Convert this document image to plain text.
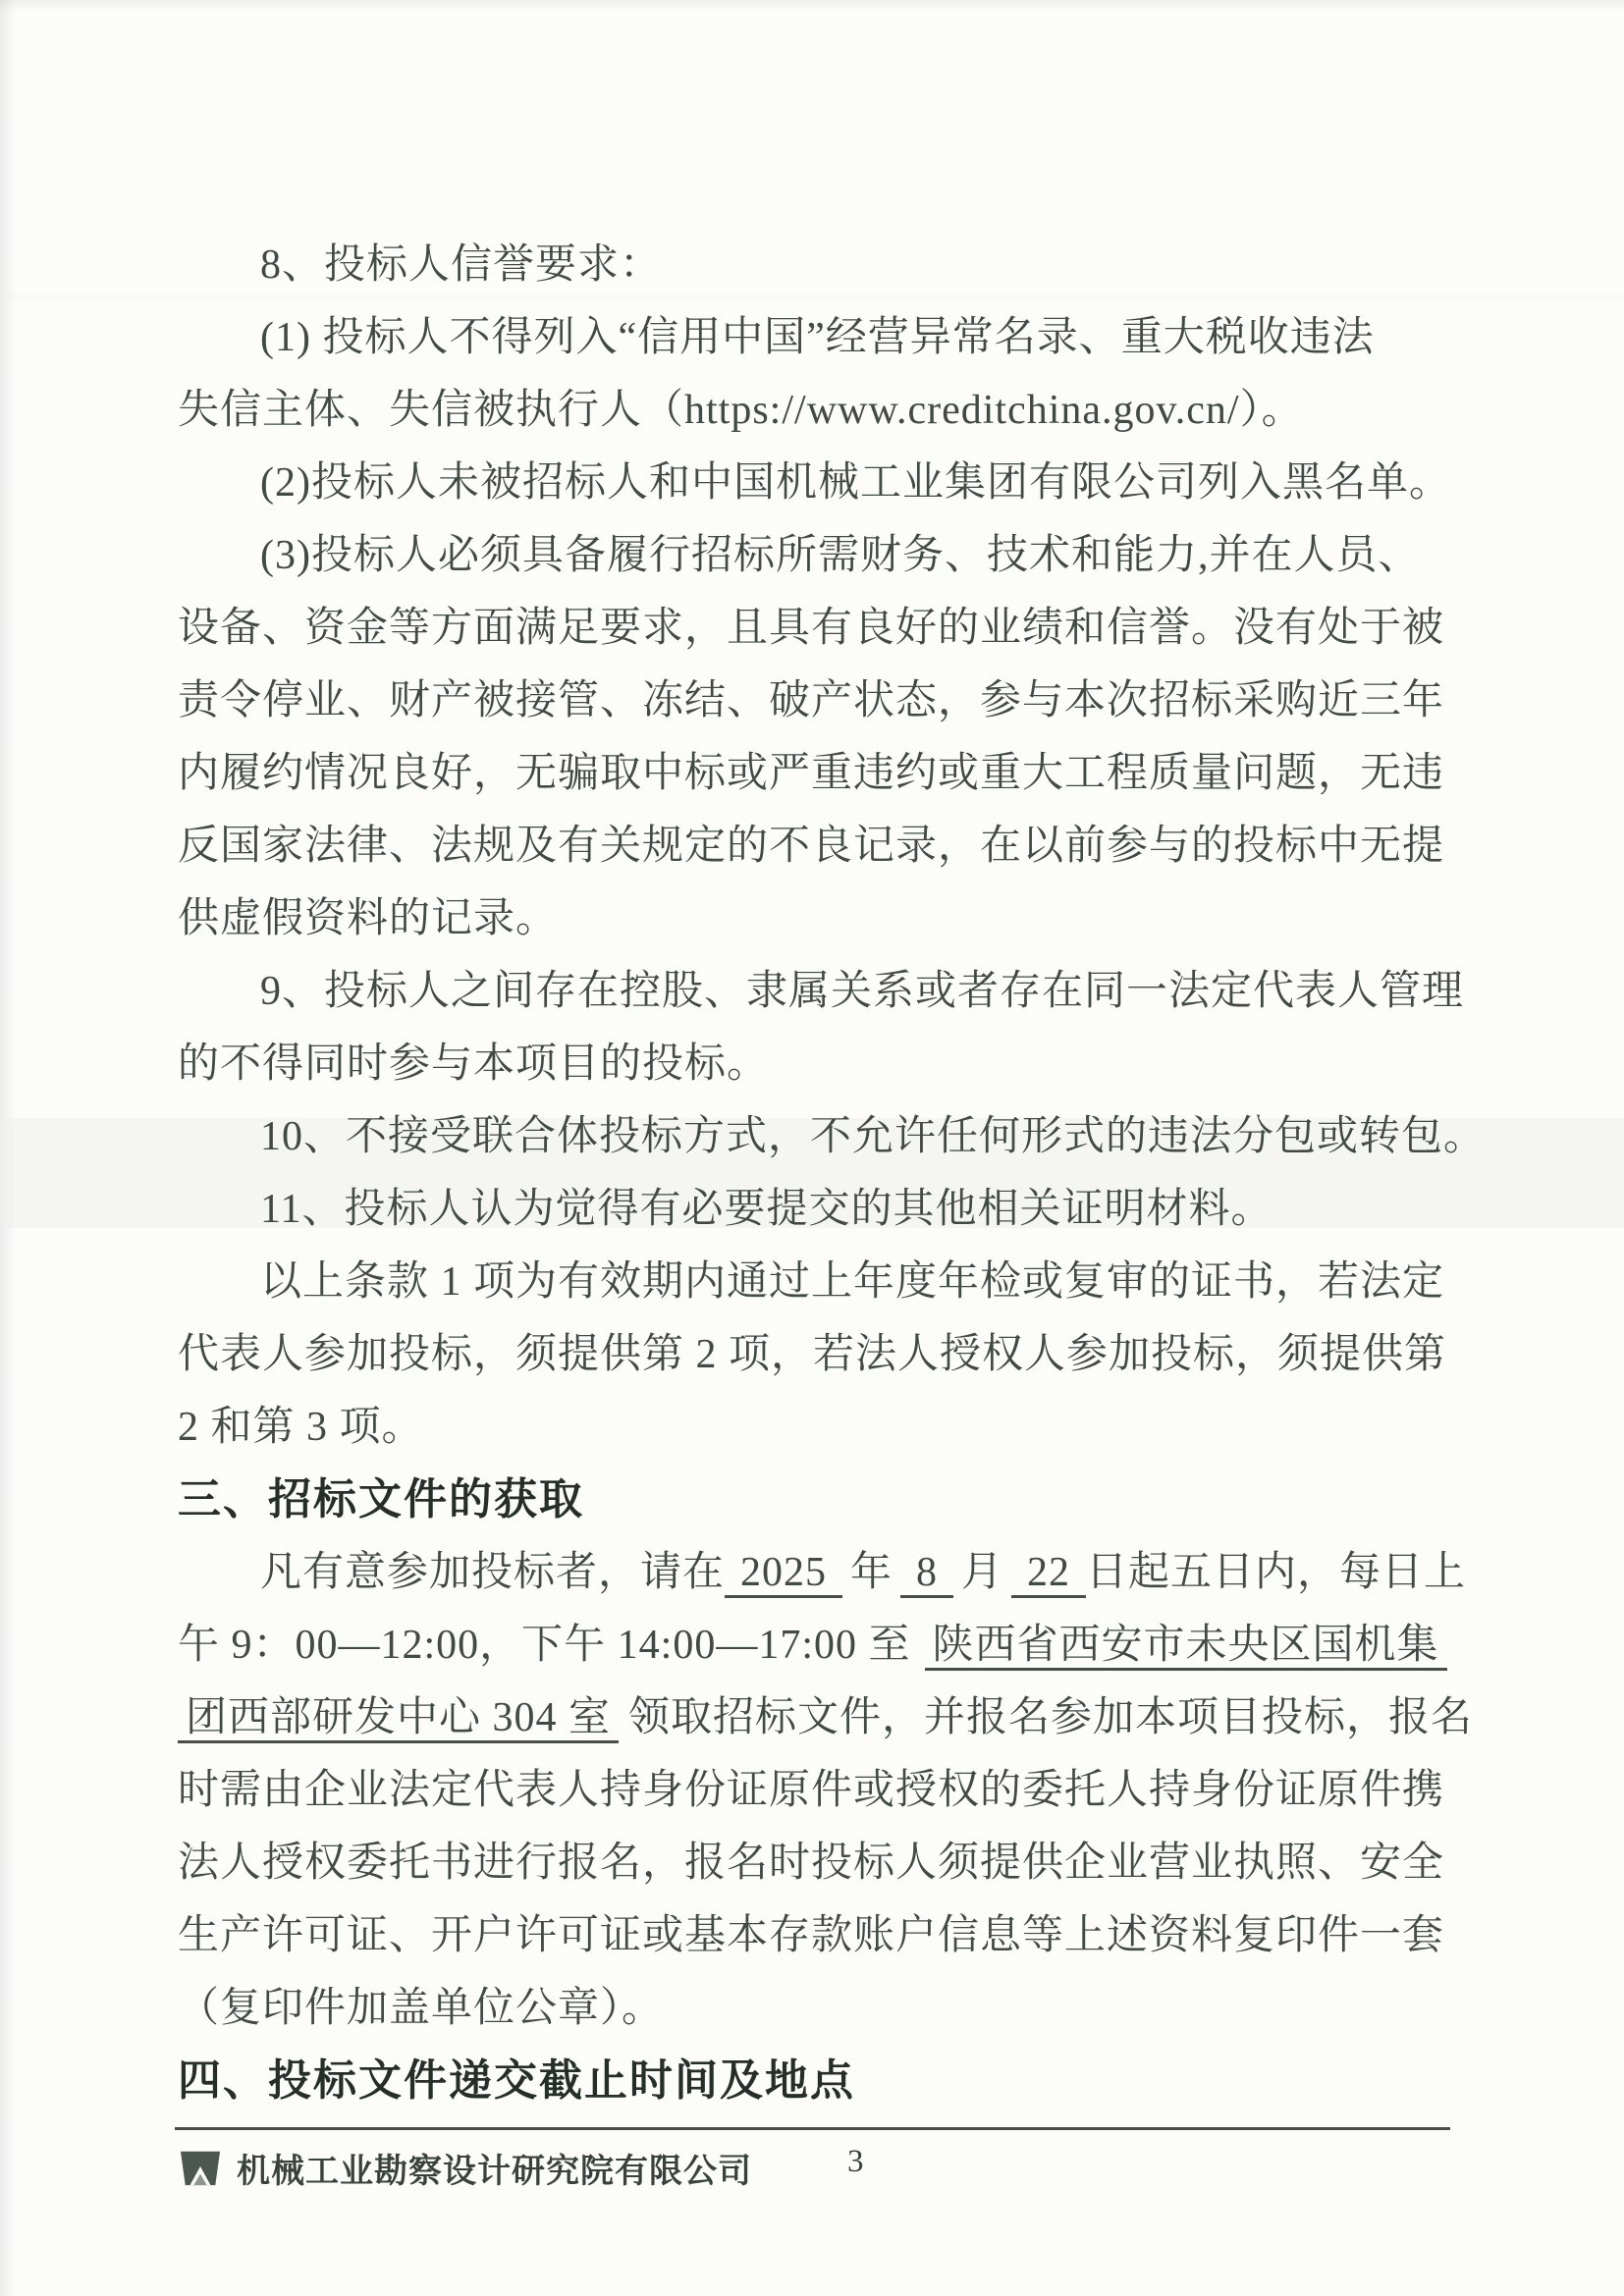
8、投标人信誉要求：
(1) 投标人不得列入“信用中国”经营异常名录、重大税收违法
失信主体、失信被执行人（https://www.creditchina.gov.cn/）。
(2)投标人未被招标人和中国机械工业集团有限公司列入黑名单。
(3)投标人必须具备履行招标所需财务、技术和能力,并在人员、
设备、资金等方面满足要求，且具有良好的业绩和信誉。没有处于被
责令停业、财产被接管、冻结、破产状态，参与本次招标采购近三年
内履约情况良好，无骗取中标或严重违约或重大工程质量问题，无违
反国家法律、法规及有关规定的不良记录，在以前参与的投标中无提
供虚假资料的记录。
9、投标人之间存在控股、隶属关系或者存在同一法定代表人管理
的不得同时参与本项目的投标。
10、不接受联合体投标方式，不允许任何形式的违法分包或转包。
11、投标人认为觉得有必要提交的其他相关证明材料。
以上条款 1 项为有效期内通过上年度年检或复审的证书，若法定
代表人参加投标，须提供第 2 项，若法人授权人参加投标，须提供第
2 和第 3 项。
三、招标文件的获取
凡有意参加投标者，请在 2025 年 8 月 22 日起五日内，每日上
午 9：00—12:00，下午 14:00—17:00 至 陕西省西安市未央区国机集
团西部研发中心 304 室 领取招标文件，并报名参加本项目投标，报名
时需由企业法定代表人持身份证原件或授权的委托人持身份证原件携
法人授权委托书进行报名，报名时投标人须提供企业营业执照、安全
生产许可证、开户许可证或基本存款账户信息等上述资料复印件一套
（复印件加盖单位公章）。
四、投标文件递交截止时间及地点
机械工业勘察设计研究院有限公司	3
